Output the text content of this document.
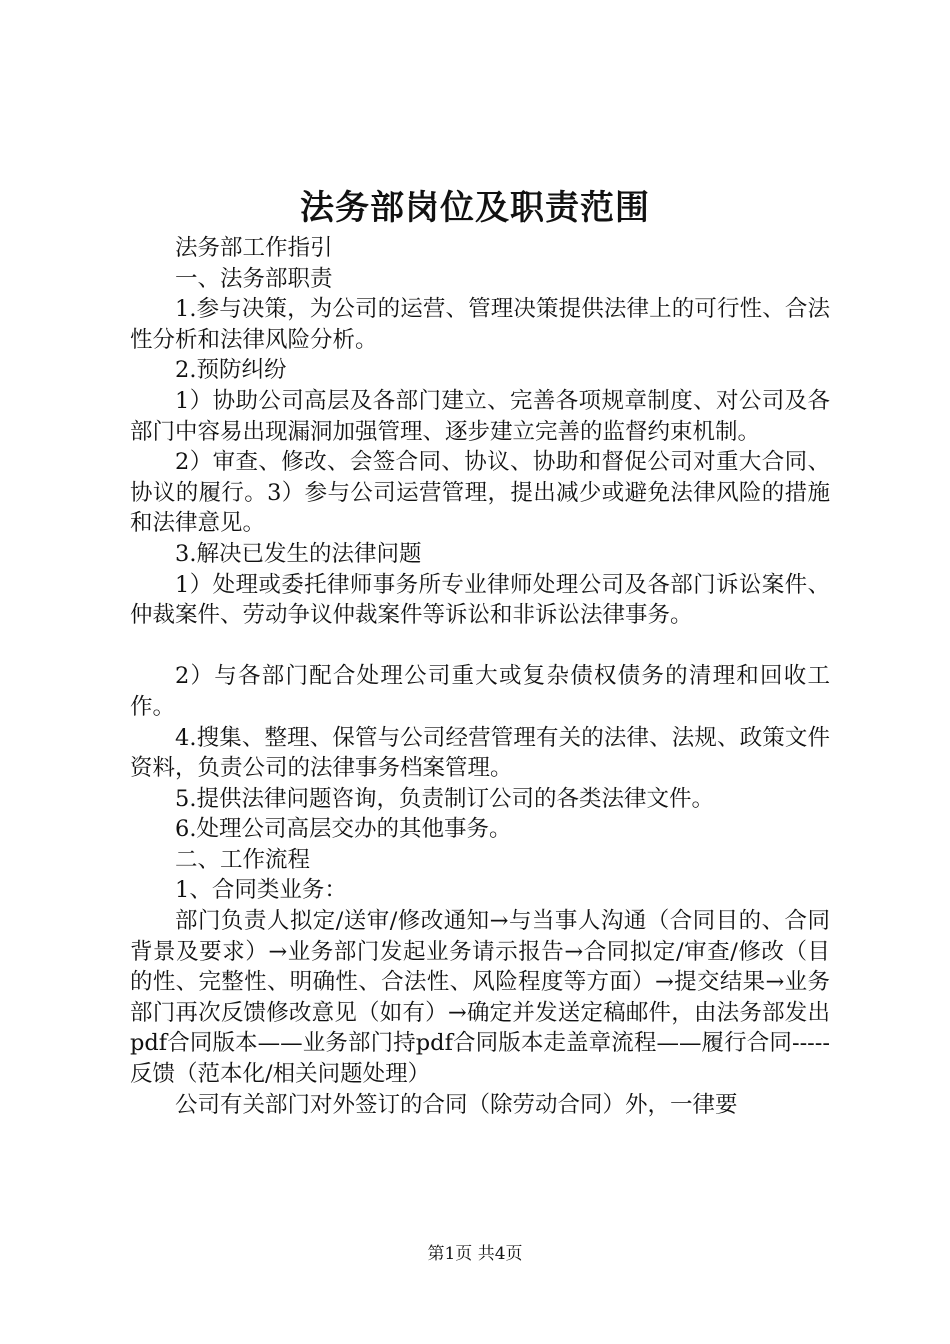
法务部岗位及职责范围

法务部工作指引

一、法务部职责

1.参与决策，为公司的运营、管理决策提供法律上的可行性、合法性分析和法律风险分析。

2.预防纠纷

1）协助公司高层及各部门建立、完善各项规章制度、对公司及各部门中容易出现漏洞加强管理、逐步建立完善的监督约束机制。

2）审查、修改、会签合同、协议、协助和督促公司对重大合同、协议的履行。3）参与公司运营管理，提出减少或避免法律风险的措施和法律意见。

3.解决已发生的法律问题

1）处理或委托律师事务所专业律师处理公司及各部门诉讼案件、仲裁案件、劳动争议仲裁案件等诉讼和非诉讼法律事务。

2）与各部门配合处理公司重大或复杂债权债务的清理和回收工作。

4.搜集、整理、保管与公司经营管理有关的法律、法规、政策文件资料，负责公司的法律事务档案管理。

5.提供法律问题咨询，负责制订公司的各类法律文件。

6.处理公司高层交办的其他事务。

二、工作流程

1、合同类业务：

部门负责人拟定/送审/修改通知→与当事人沟通（合同目的、合同背景及要求）→业务部门发起业务请示报告→合同拟定/审查/修改（目的性、完整性、明确性、合法性、风险程度等方面）→提交结果→业务部门再次反馈修改意见（如有）→确定并发送定稿邮件，由法务部发出pdf合同版本——业务部门持pdf合同版本走盖章流程——履行合同-----反馈（范本化/相关问题处理）

公司有关部门对外签订的合同（除劳动合同）外，一律要

第1页 共4页
